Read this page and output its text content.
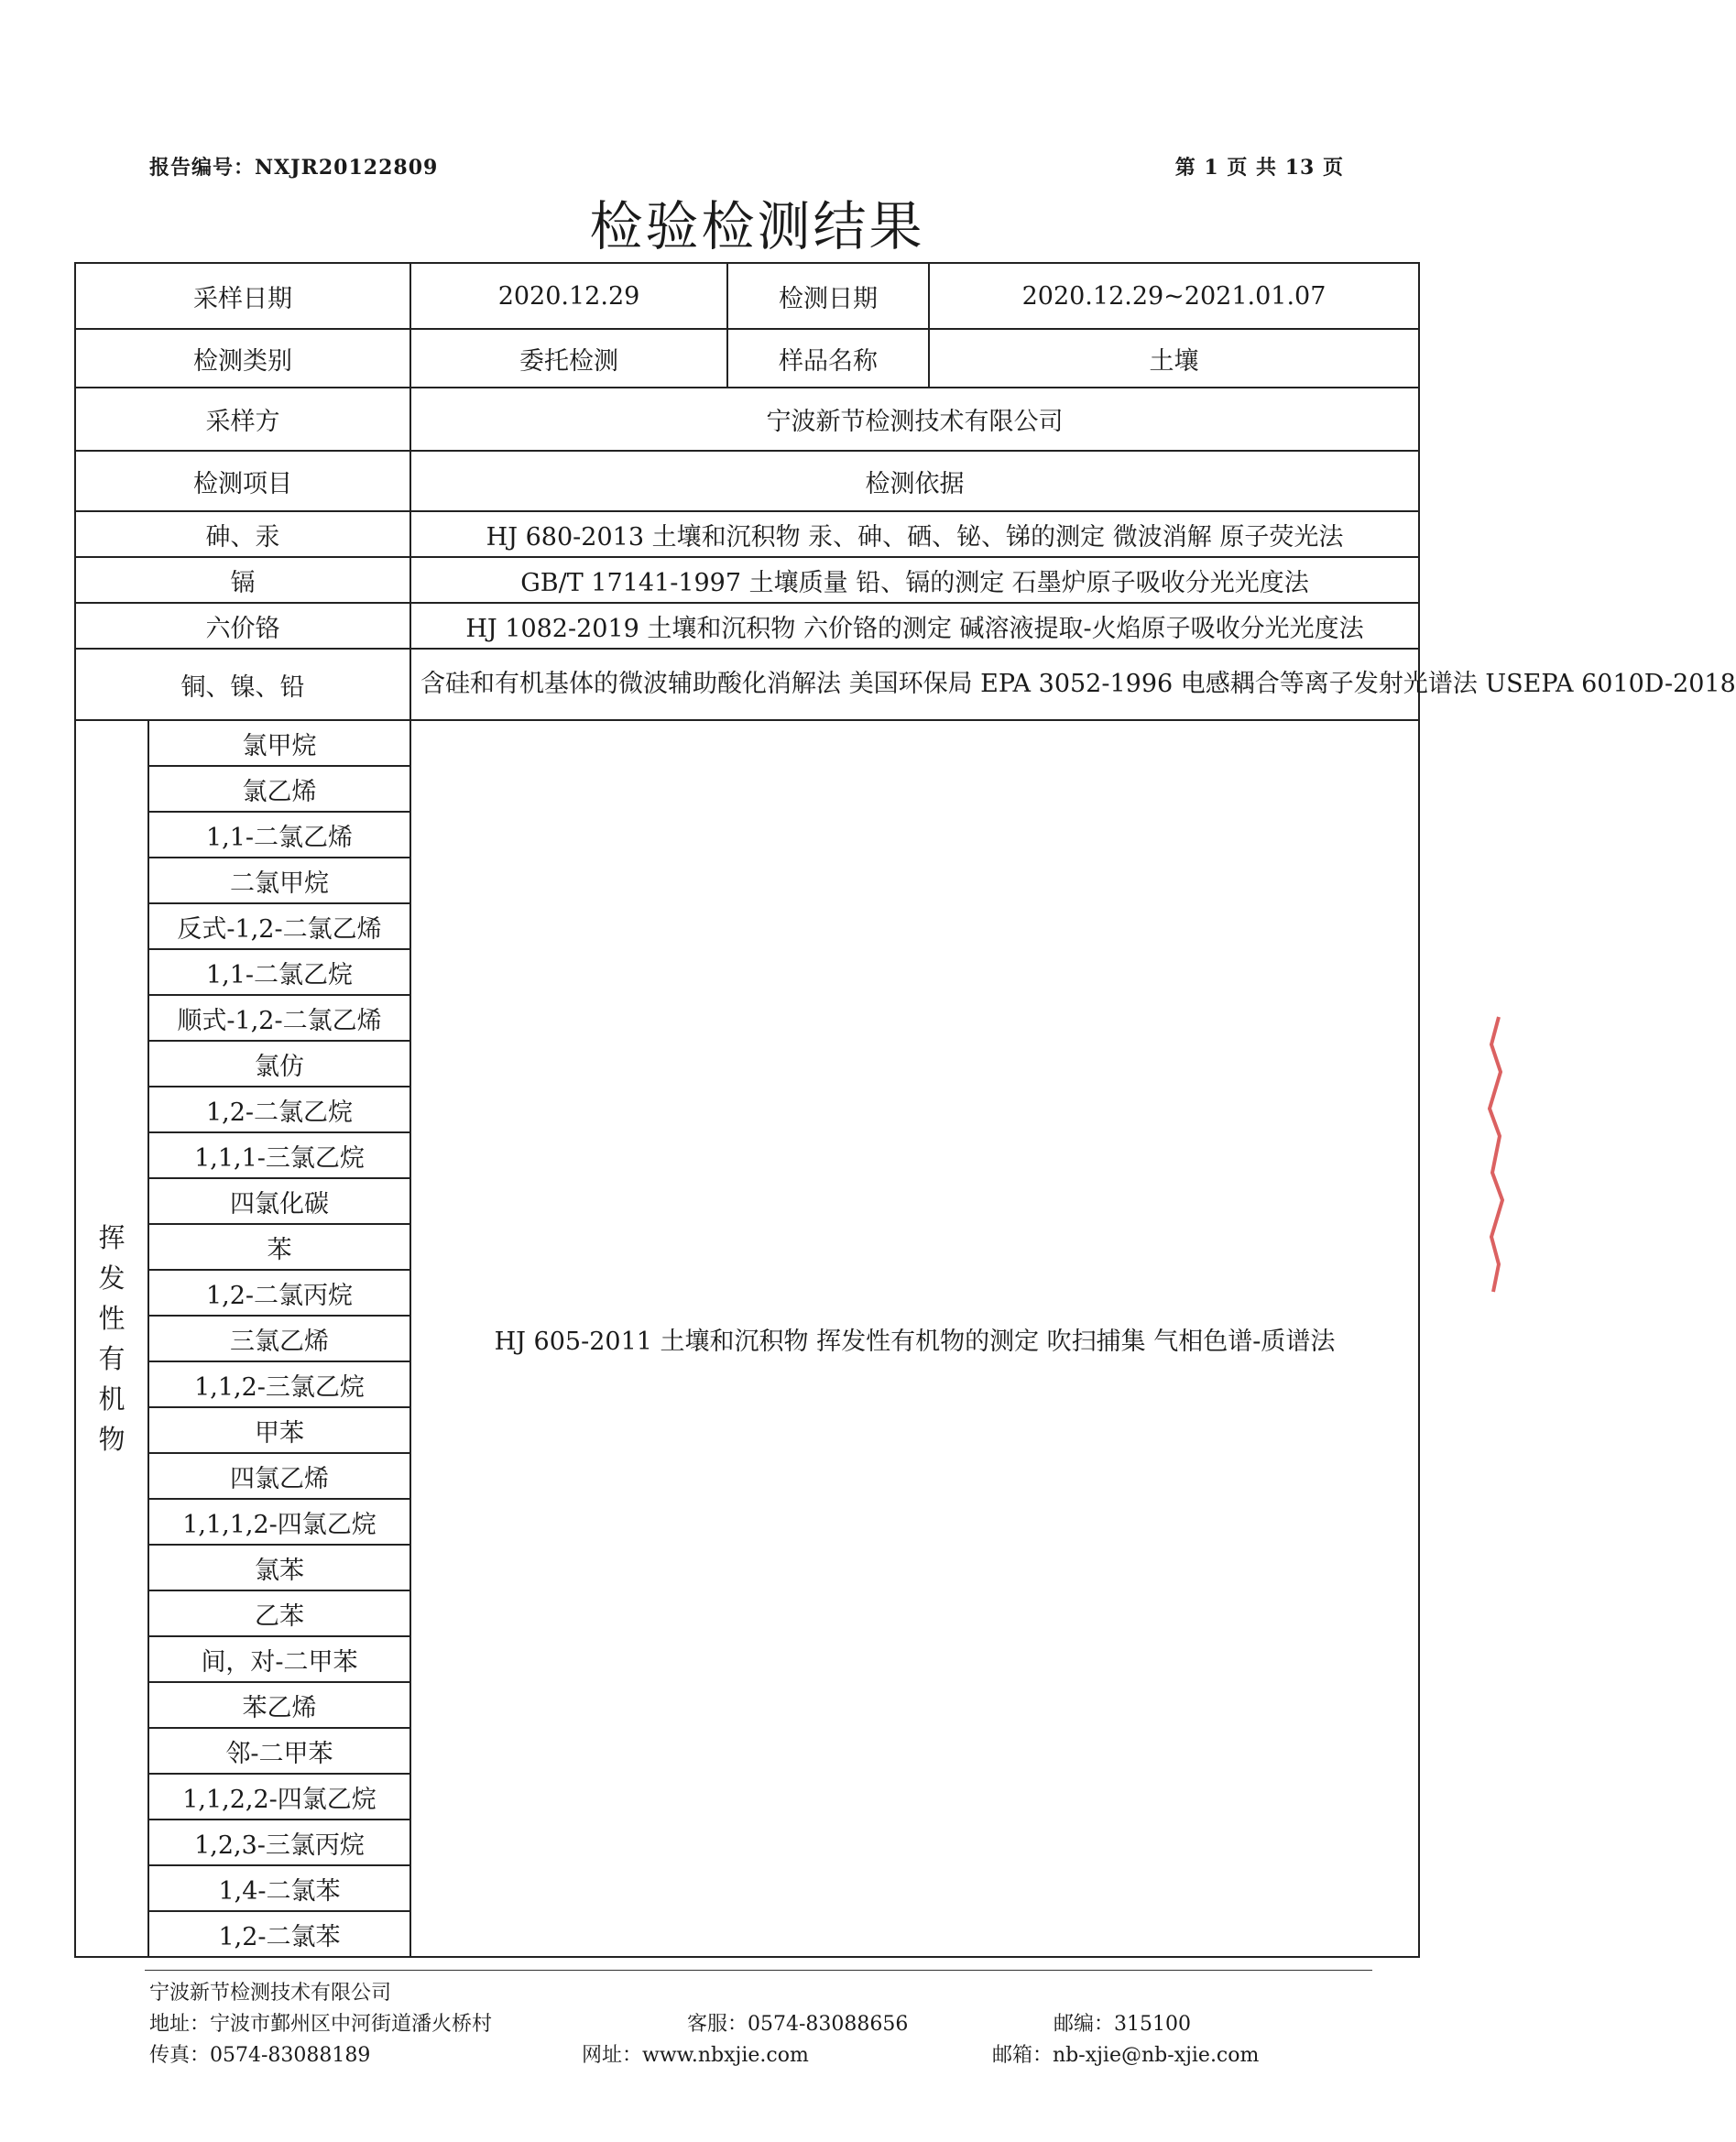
报告编号：NXJR20122809	第 1 页 共 13 页
检验检测结果
采样日期		2020.12.29	检测日期	2020.12.29~2021.01.07
检测类别		委托检测	样品名称	土壤
采样方		宁波新节检测技术有限公司		
检测项目		检测依据		
砷、汞		HJ 680-2013 土壤和沉积物 汞、砷、硒、铋、锑的测定 微波消解 原子荧光法		
镉		GB/T 17141-1997 土壤质量 铅、镉的测定 石墨炉原子吸收分光光度法		
六价铬		HJ 1082-2019 土壤和沉积物 六价铬的测定 碱溶液提取-火焰原子吸收分光光度法		
铜、镍、铅		含硅和有机基体的微波辅助酸化消解法 美国环保局 EPA 3052-1996 电感耦合等离子发射光谱法 USEPA 6010D-2018		
挥发性有机物	氯甲烷	HJ 605-2011 土壤和沉积物 挥发性有机物的测定 吹扫捕集 气相色谱-质谱法		
	氯乙烯			
	1,1-二氯乙烯			
	二氯甲烷			
	反式-1,2-二氯乙烯			
	1,1-二氯乙烷			
	顺式-1,2-二氯乙烯			
	氯仿			
	1,2-二氯乙烷			
	1,1,1-三氯乙烷			
	四氯化碳			
	苯			
	1,2-二氯丙烷			
	三氯乙烯			
	1,1,2-三氯乙烷			
	甲苯			
	四氯乙烯			
	1,1,1,2-四氯乙烷			
	氯苯			
	乙苯			
	间，对-二甲苯			
	苯乙烯			
	邻-二甲苯			
	1,1,2,2-四氯乙烷			
	1,2,3-三氯丙烷			
	1,4-二氯苯			
	1,2-二氯苯			
宁波新节检测技术有限公司
地址：宁波市鄞州区中河街道潘火桥村	客服：0574-83088656	邮编：315100
传真：0574-83088189	网址：www.nbxjie.com	邮箱：nb-xjie@nb-xjie.com
